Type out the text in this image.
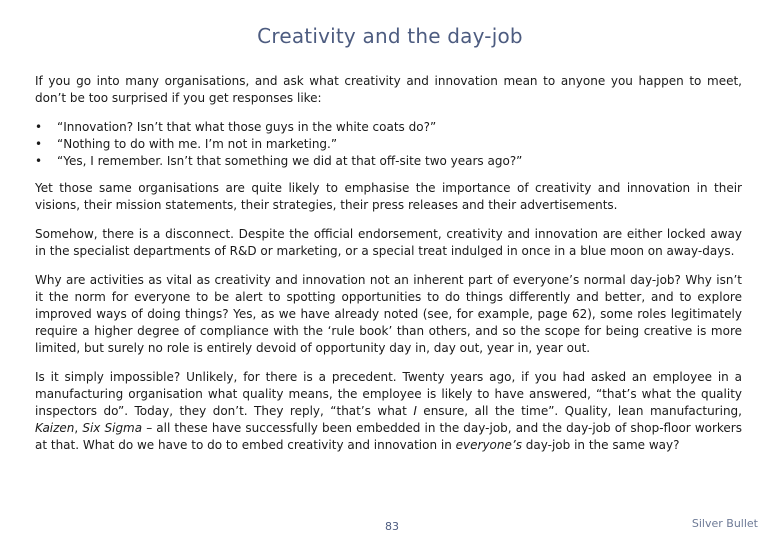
Creativity and the day-job

If you go into many organisations, and ask what creativity and innovation mean to anyone you happen to meet, don’t be too surprised if you get responses like:

• “Innovation? Isn’t that what those guys in the white coats do?”
• “Nothing to do with me. I’m not in marketing.”
• “Yes, I remember. Isn’t that something we did at that off-site two years ago?”

Yet those same organisations are quite likely to emphasise the importance of creativity and innovation in their visions, their mission statements, their strategies, their press releases and their advertisements.

Somehow, there is a disconnect. Despite the official endorsement, creativity and innovation are either locked away in the specialist departments of R&D or marketing, or a special treat indulged in once in a blue moon on away-days.

Why are activities as vital as creativity and innovation not an inherent part of everyone’s normal day-job? Why isn’t it the norm for everyone to be alert to spotting opportunities to do things differently and better, and to explore improved ways of doing things? Yes, as we have already noted (see, for example, page 62), some roles legitimately require a higher degree of compliance with the ‘rule book’ than others, and so the scope for being creative is more limited, but surely no role is entirely devoid of opportunity day in, day out, year in, year out.

Is it simply impossible? Unlikely, for there is a precedent. Twenty years ago, if you had asked an employee in a manufacturing organisation what quality means, the employee is likely to have answered, “that’s what the quality inspectors do”. Today, they don’t. They reply, “that’s what I ensure, all the time”. Quality, lean manufacturing, Kaizen, Six Sigma – all these have successfully been embedded in the day-job, and the day-job of shop-floor workers at that. What do we have to do to embed creativity and innovation in everyone’s day-job in the same way?

83	Silver Bullet
